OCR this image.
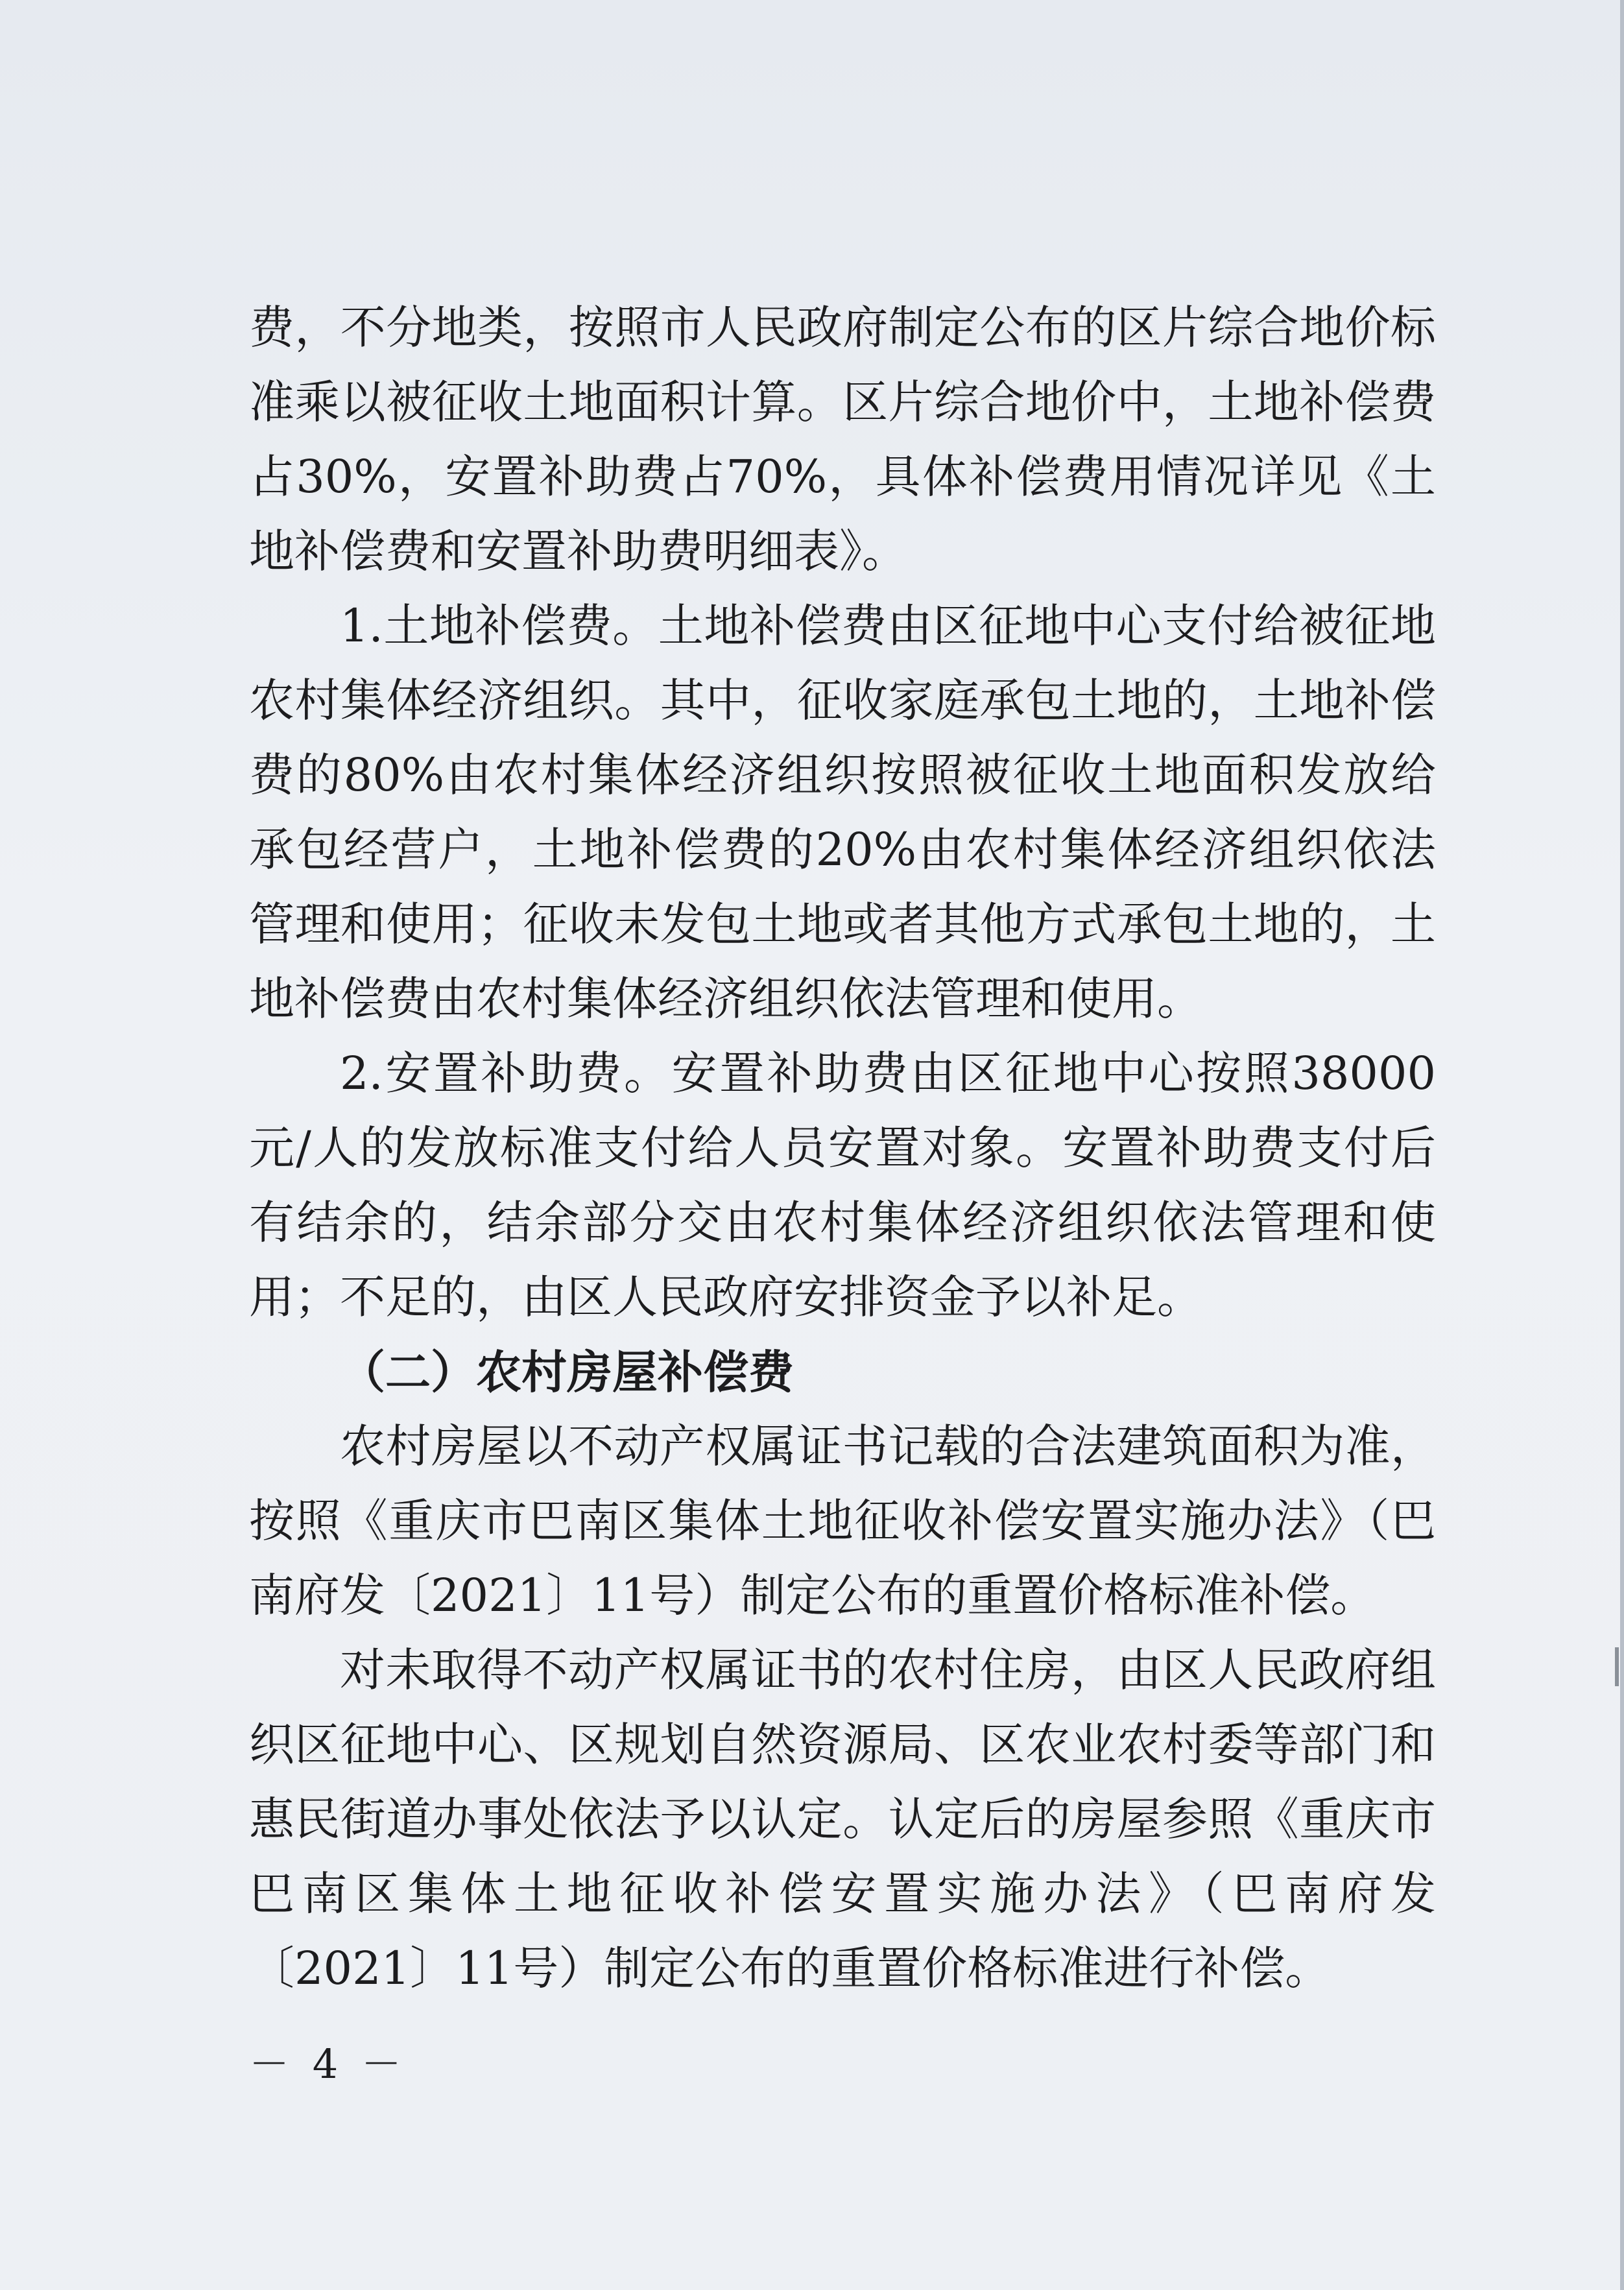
费，不分地类，按照市人民政府制定公布的区片综合地价标准乘以被征收土地面积计算。区片综合地价中，土地补偿费占30%，安置补助费占70%，具体补偿费用情况详见《土地补偿费和安置补助费明细表》。

1.土地补偿费。土地补偿费由区征地中心支付给被征地农村集体经济组织。其中，征收家庭承包土地的，土地补偿费的80%由农村集体经济组织按照被征收土地面积发放给承包经营户，土地补偿费的20%由农村集体经济组织依法管理和使用；征收未发包土地或者其他方式承包土地的，土地补偿费由农村集体经济组织依法管理和使用。

2.安置补助费。安置补助费由区征地中心按照38000元/人的发放标准支付给人员安置对象。安置补助费支付后有结余的，结余部分交由农村集体经济组织依法管理和使用；不足的，由区人民政府安排资金予以补足。

（二）农村房屋补偿费

农村房屋以不动产权属证书记载的合法建筑面积为准，按照《重庆市巴南区集体土地征收补偿安置实施办法》（巴南府发〔2021〕11号）制定公布的重置价格标准补偿。

对未取得不动产权属证书的农村住房，由区人民政府组织区征地中心、区规划自然资源局、区农业农村委等部门和惠民街道办事处依法予以认定。认定后的房屋参照《重庆市巴南区集体土地征收补偿安置实施办法》（巴南府发〔2021〕11号）制定公布的重置价格标准进行补偿。

－ 4 －
